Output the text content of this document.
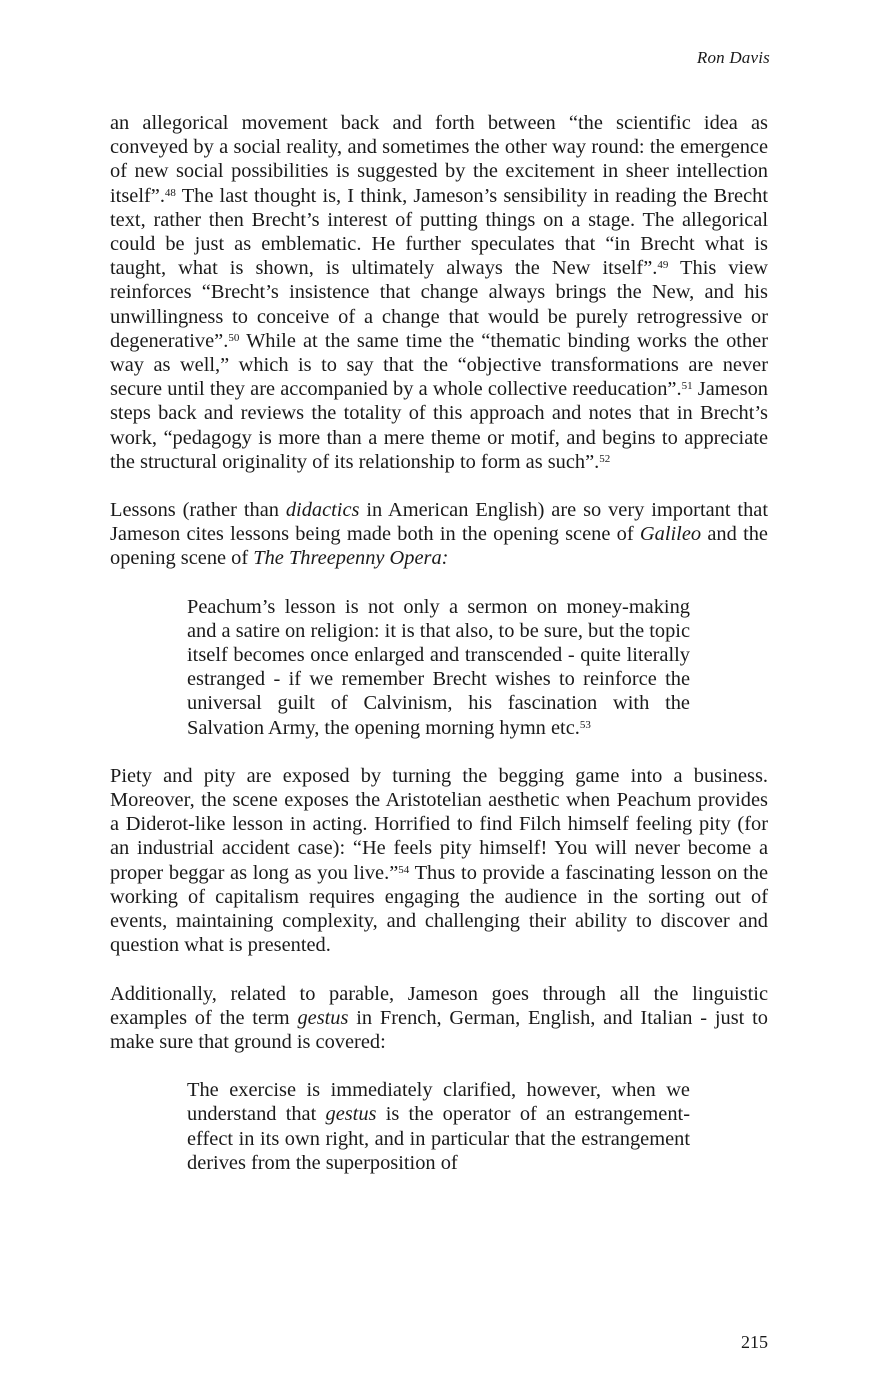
Ron Davis

an allegorical movement back and forth between “the scientific idea as conveyed by a social reality, and sometimes the other way round: the emergence of new social possibilities is suggested by the excitement in sheer intellection itself”.$^{48}$ The last thought is, I think, Jameson’s sensibility in reading the Brecht text, rather then Brecht’s interest of putting things on a stage. The allegorical could be just as emblematic. He further speculates that “in Brecht what is taught, what is shown, is ultimately always the New itself”.$^{49}$ This view reinforces “Brecht’s insistence that change always brings the New, and his unwillingness to conceive of a change that would be purely retrogressive or degenerative”.$^{50}$ While at the same time the “thematic binding works the other way as well,” which is to say that the “objective transformations are never secure until they are accompanied by a whole collective reeducation”.$^{51}$ Jameson steps back and reviews the totality of this approach and notes that in Brecht’s work, “pedagogy is more than a mere theme or motif, and begins to appreciate the structural originality of its relationship to form as such”.$^{52}$

Lessons (rather than didactics in American English) are so very important that Jameson cites lessons being made both in the opening scene of Galileo and the opening scene of The Threepenny Opera:

Peachum’s lesson is not only a sermon on money-making and a satire on religion: it is that also, to be sure, but the topic itself becomes once enlarged and transcended - quite literally estranged - if we remember Brecht wishes to reinforce the universal guilt of Calvinism, his fascination with the Salvation Army, the opening morning hymn etc.$^{53}$

Piety and pity are exposed by turning the begging game into a business. Moreover, the scene exposes the Aristotelian aesthetic when Peachum provides a Diderot-like lesson in acting. Horrified to find Filch himself feeling pity (for an industrial accident case): “He feels pity himself! You will never become a proper beggar as long as you live.”$^{54}$ Thus to provide a fascinating lesson on the working of capitalism requires engaging the audience in the sorting out of events, maintaining complexity, and challenging their ability to discover and question what is presented.

Additionally, related to parable, Jameson goes through all the linguistic examples of the term gestus in French, German, English, and Italian - just to make sure that ground is covered:

The exercise is immediately clarified, however, when we understand that gestus is the operator of an estrangement-effect in its own right, and in particular that the estrangement derives from the superposition of

215
